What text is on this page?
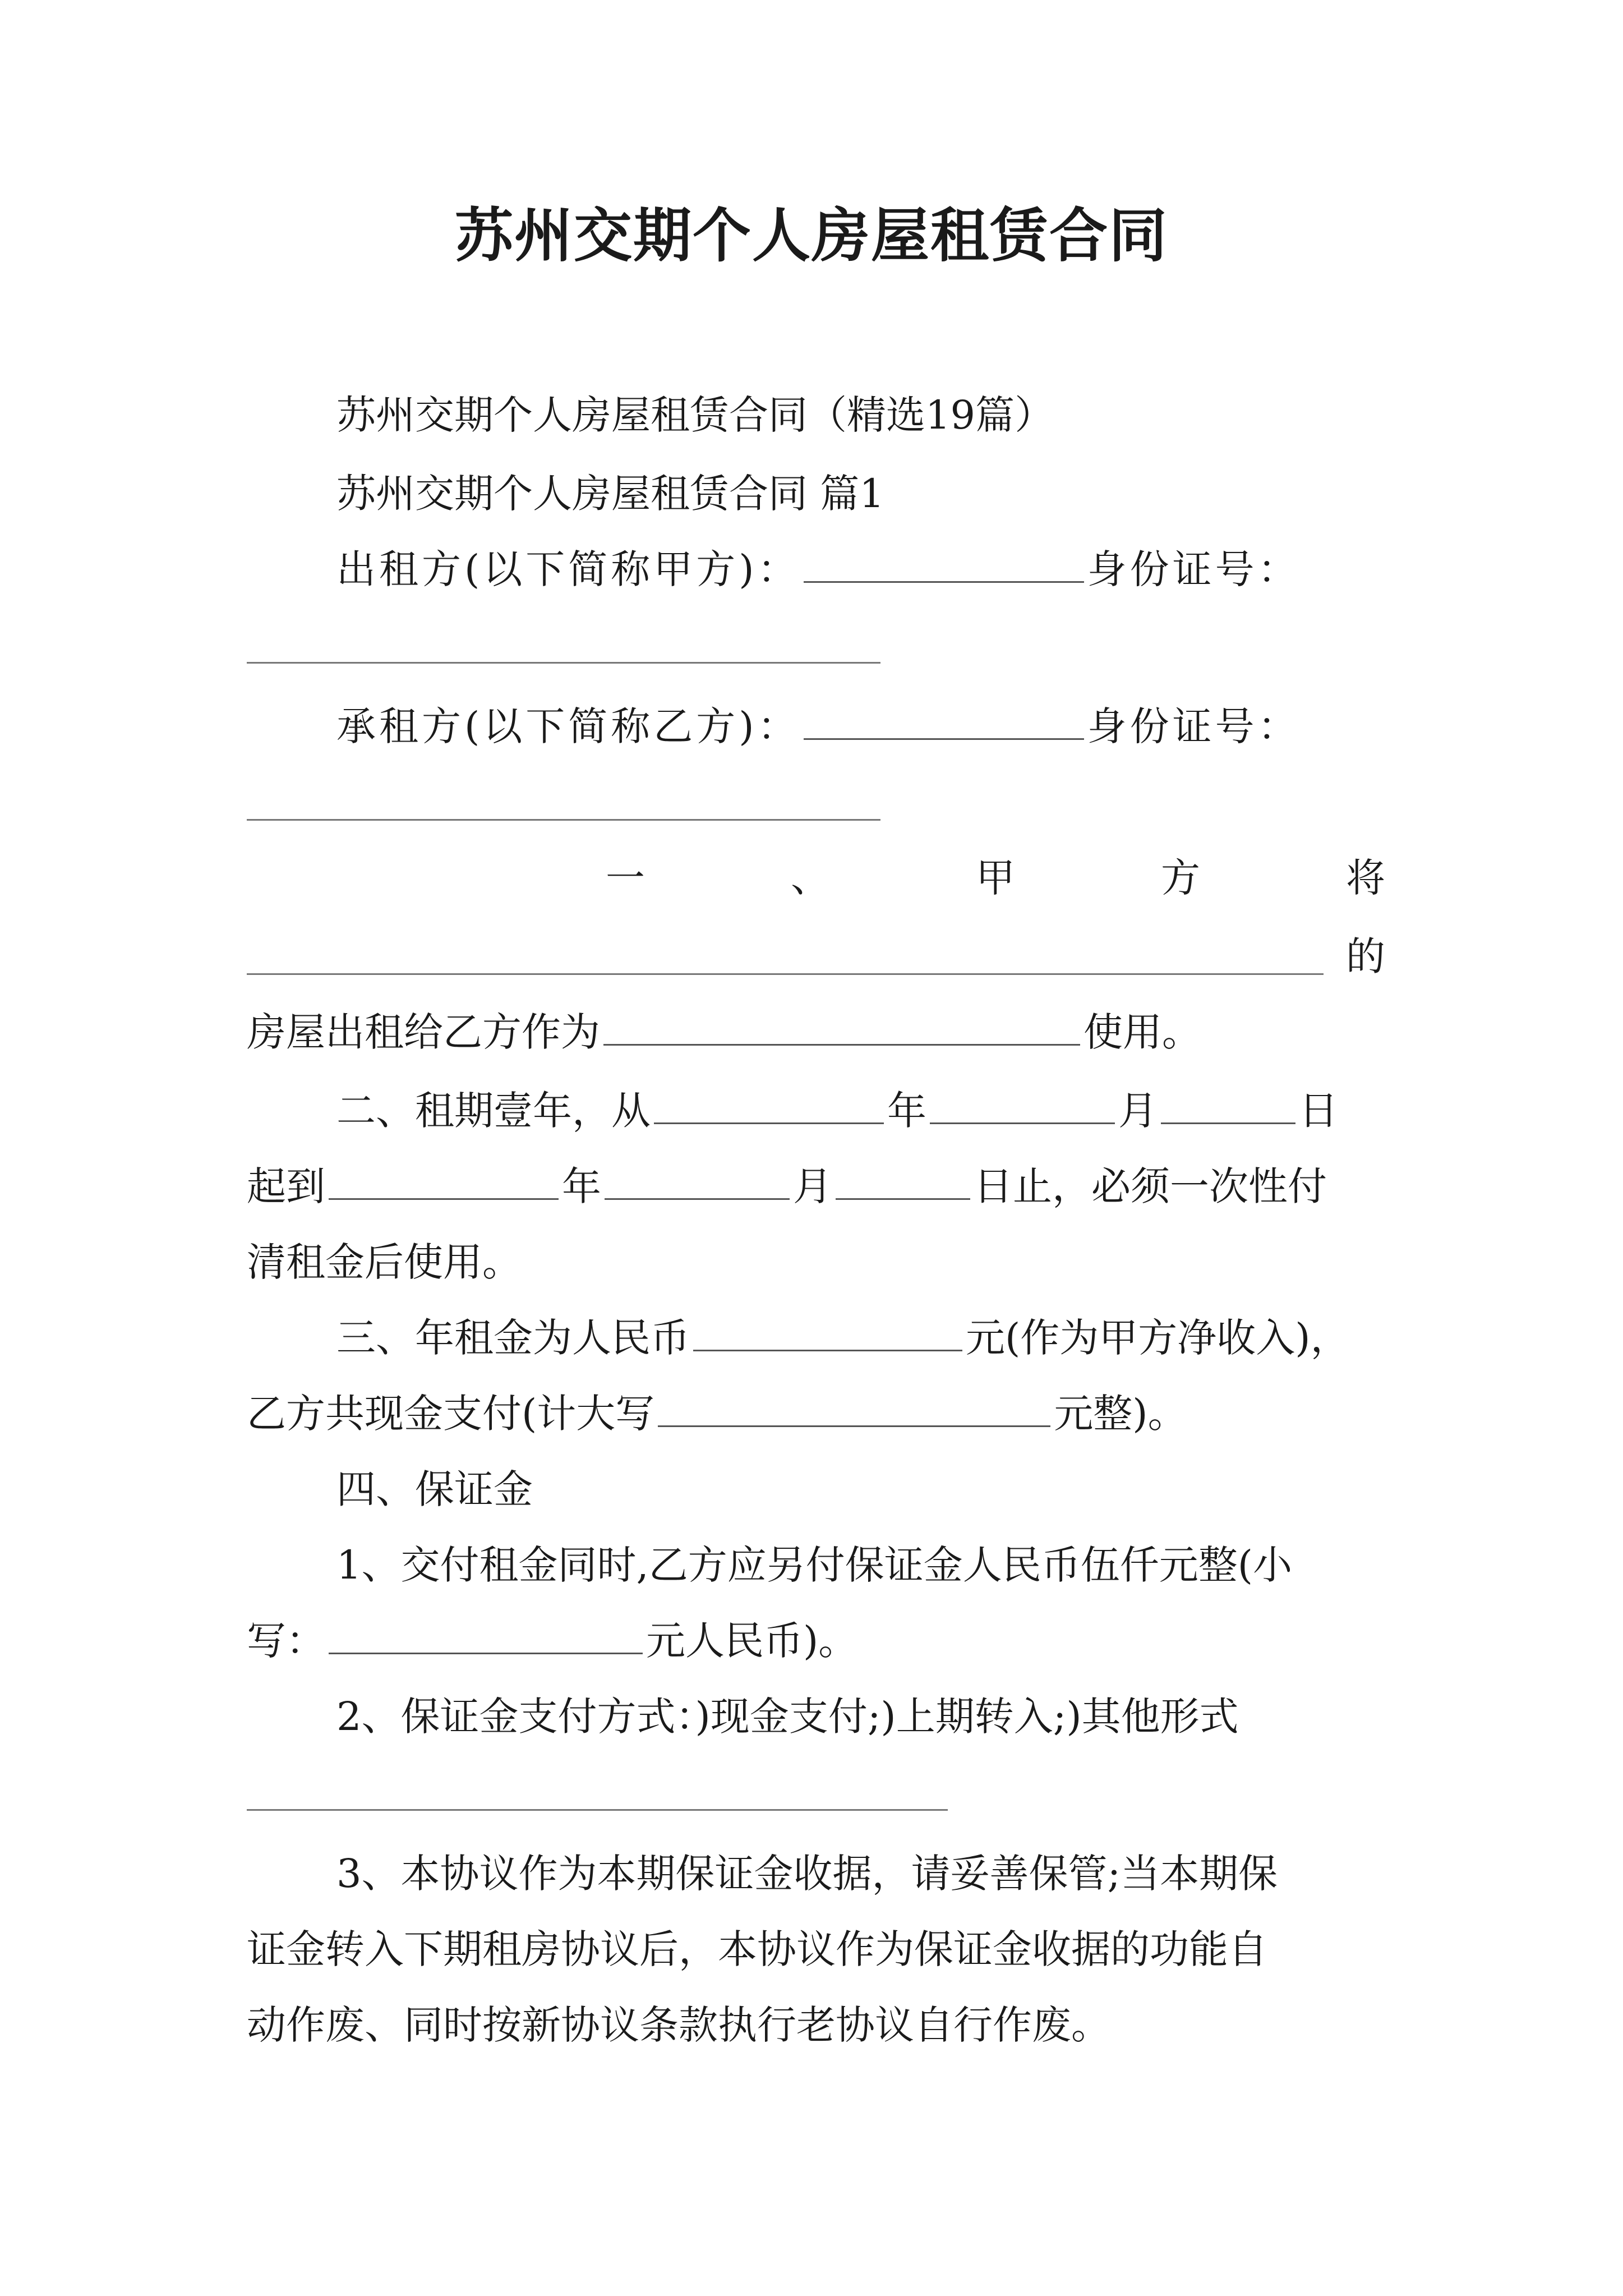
苏州交期个人房屋租赁合同
苏州交期个人房屋租赁合同（精选19篇）
苏州交期个人房屋租赁合同 篇1
出租方(以下简称甲方)：	身份证号：
承租方(以下简称乙方)：	身份证号：
一	、	甲	方	将
的
房屋出租给乙方作为	使用。
二、租期壹年，从	年	月	日
起到	年	月	日止，必须一次性付
清租金后使用。
三、年租金为人民币	元(作为甲方净收入)，
乙方共现金支付(计大写	元整)。
四、保证金
1、交付租金同时,乙方应另付保证金人民币伍仟元整(小
写：	元人民币)。
2、保证金支付方式：)现金支付;)上期转入;)其他形式
3、本协议作为本期保证金收据，请妥善保管;当本期保
证金转入下期租房协议后，本协议作为保证金收据的功能自
动作废、同时按新协议条款执行老协议自行作废。
